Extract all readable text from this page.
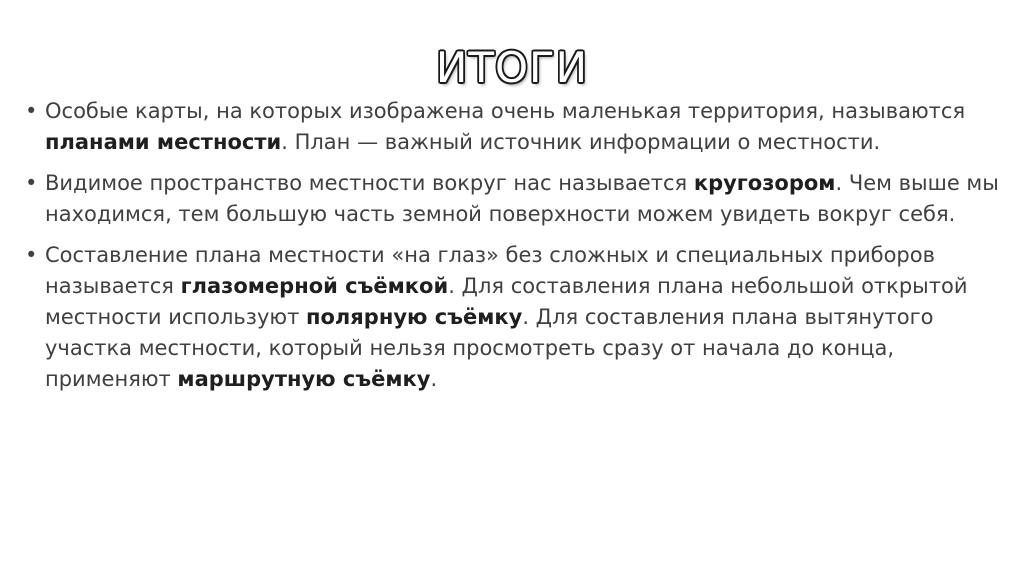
ИТОГИ
• Особые карты, на которых изображена очень маленькая территория, называются планами местности. План — важный источник информации о местности.
• Видимое пространство местности вокруг нас называется кругозором. Чем выше мы находимся, тем большую часть земной поверхности можем увидеть вокруг себя.
• Составление плана местности «на глаз» без сложных и специальных приборов называется глазомерной съёмкой. Для составления плана небольшой открытой местности используют полярную съёмку. Для составления плана вытянутого участка местности, который нельзя просмотреть сразу от начала до конца, применяют маршрутную съёмку.
